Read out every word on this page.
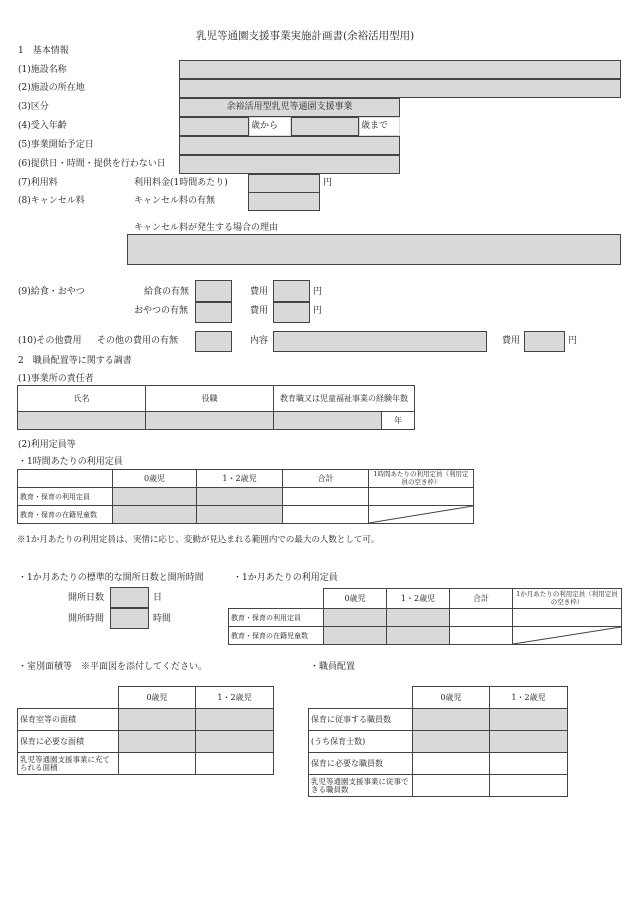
乳児等通園支援事業実施計画書(余裕活用型用)
1　基本情報
(1)施設名称
(2)施設の所在地
(3)区分	余裕活用型乳児等通園支援事業
(4)受入年齢	歳から	歳まで
(5)事業開始予定日
(6)提供日・時間・提供を行わない日
(7)利用料	利用料金(1時間あたり)	円
(8)キャンセル料	キャンセル料の有無
キャンセル料が発生する場合の理由
(9)給食・おやつ	給食の有無	費用	円
おやつの有無	費用	円
(10)その他費用 その他の費用の有無	内容	費用	円
2　職員配置等に関する調書
(1)事業所の責任者
氏名	役職	教育職又は児童福祉事業の経験年数	
			年
(2)利用定員等
・1時間あたりの利用定員
	0歳児	1・2歳児	合計	1時間あたりの利用定員（利用定員の空き枠）
教育・保育の利用定員				
教育・保育の在籍児童数				
※1か月あたりの利用定員は、実情に応じ、変動が見込まれる範囲内での最大の人数として可。
・1か月あたりの標準的な開所日数と開所時間	・1か月あたりの利用定員
開所日数	日
開所時間	時間
	0歳児	1・2歳児	合計	1か月あたりの利用定員（利用定員の空き枠）
教育・保育の利用定員				
教育・保育の在籍児童数				
・室別面積等　※平面図を添付してください。	・職員配置
	0歳児	1・2歳児
保育室等の面積		
保育に必要な面積		
乳児等通園支援事業に充てられる面積		
	0歳児	1・2歳児
保育に従事する職員数		
(うち保育士数)		
保育に必要な職員数		
乳児等通園支援事業に従事できる職員数		
